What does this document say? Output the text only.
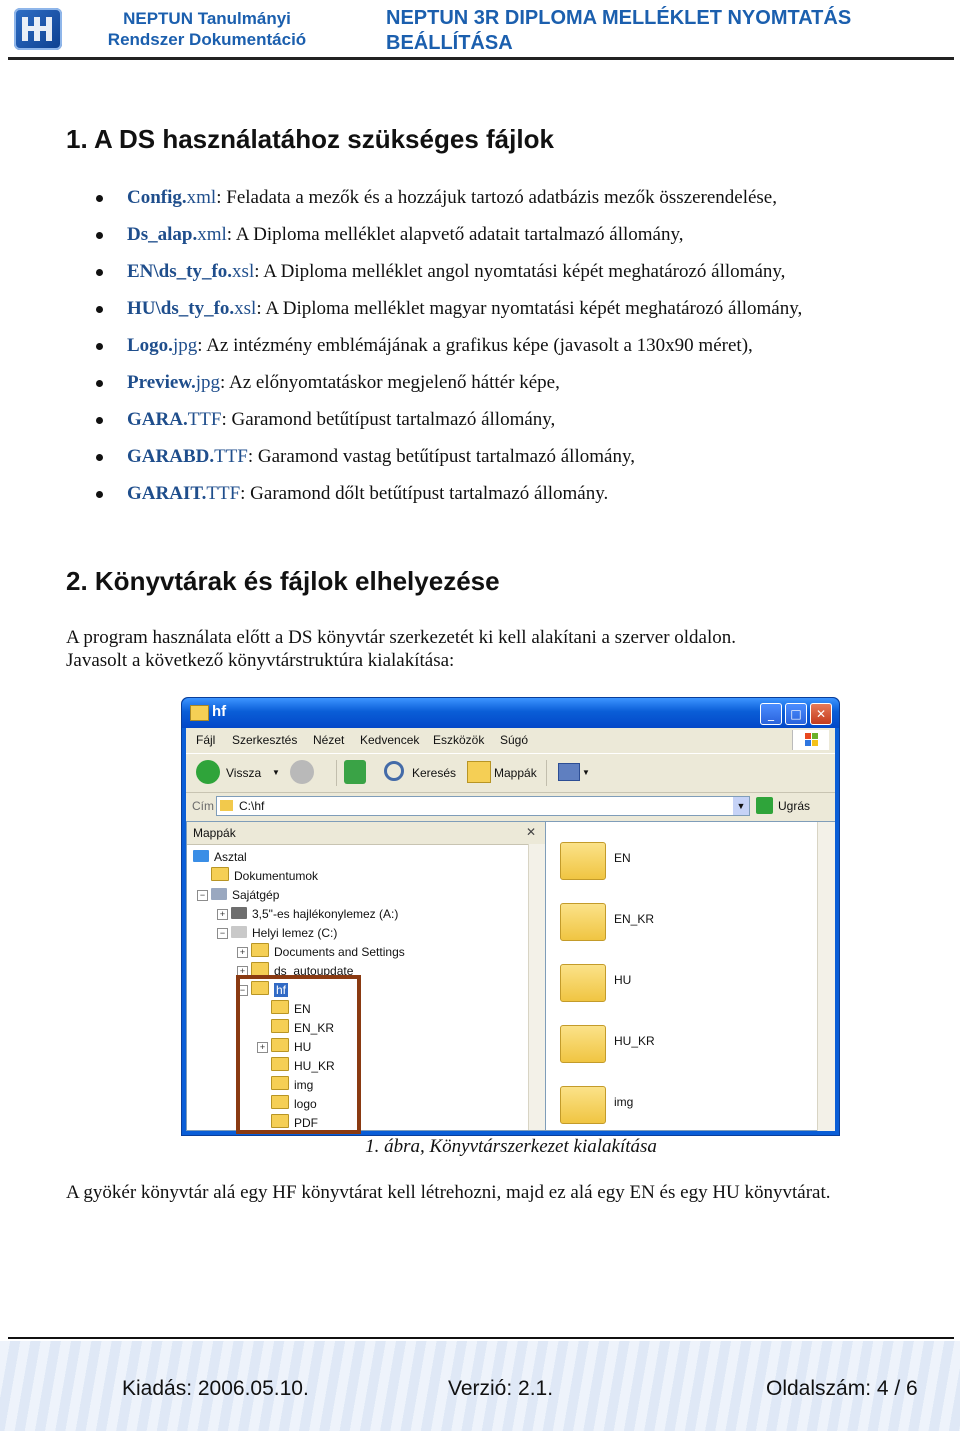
NEPTUN Tanulmányi
Rendszer Dokumentáció
NEPTUN 3R DIPLOMA MELLÉKLET NYOMTATÁS
BEÁLLÍTÁSA
1. A DS használatához szükséges fájlok
Config.xml: Feladata a mezők és a hozzájuk tartozó adatbázis mezők összerendelése,
Ds_alap.xml: A Diploma melléklet alapvető adatait tartalmazó állomány,
EN\ds_ty_fo.xsl: A Diploma melléklet angol nyomtatási képét meghatározó állomány,
HU\ds_ty_fo.xsl: A Diploma melléklet magyar nyomtatási képét meghatározó állomány,
Logo.jpg: Az intézmény emblémájának a grafikus képe (javasolt a 130x90 méret),
Preview.jpg: Az előnyomtatáskor megjelenő háttér képe,
GARA.TTF: Garamond betűtípust tartalmazó állomány,
GARABD.TTF: Garamond vastag betűtípust tartalmazó állomány,
GARAIT.TTF: Garamond dőlt betűtípust tartalmazó állomány.
2. Könyvtárak és fájlok elhelyezése
A program használata előtt a DS könyvtár szerkezetét ki kell alakítani a szerver oldalon.
Javasolt a következő könyvtárstruktúra kialakítása:
hf	_	□	✕
Fájl Szerkesztés Nézet Kedvencek Eszközök Súgó
Vissza ▼	Keresés	Mappák	▼
Cím C:\hf	▼	Ugrás
Mappák	✕
Asztal
Dokumentumok
−	Sajátgép
+	3,5"-es hajlékonylemez (A:)
−	Helyi lemez (C:)
+	Documents and Settings
+	ds_autoupdate
−	hf
EN
EN_KR
+	HU
HU_KR
img
logo
PDF
EN
EN_KR
HU
HU_KR
img
1. ábra, Könyvtárszerkezet kialakítása
A gyökér könyvtár alá egy HF könyvtárat kell létrehozni, majd ez alá egy EN és egy HU könyvtárat.
Kiadás: 2006.05.10.	Verzió: 2.1.	Oldalszám: 4 / 6
